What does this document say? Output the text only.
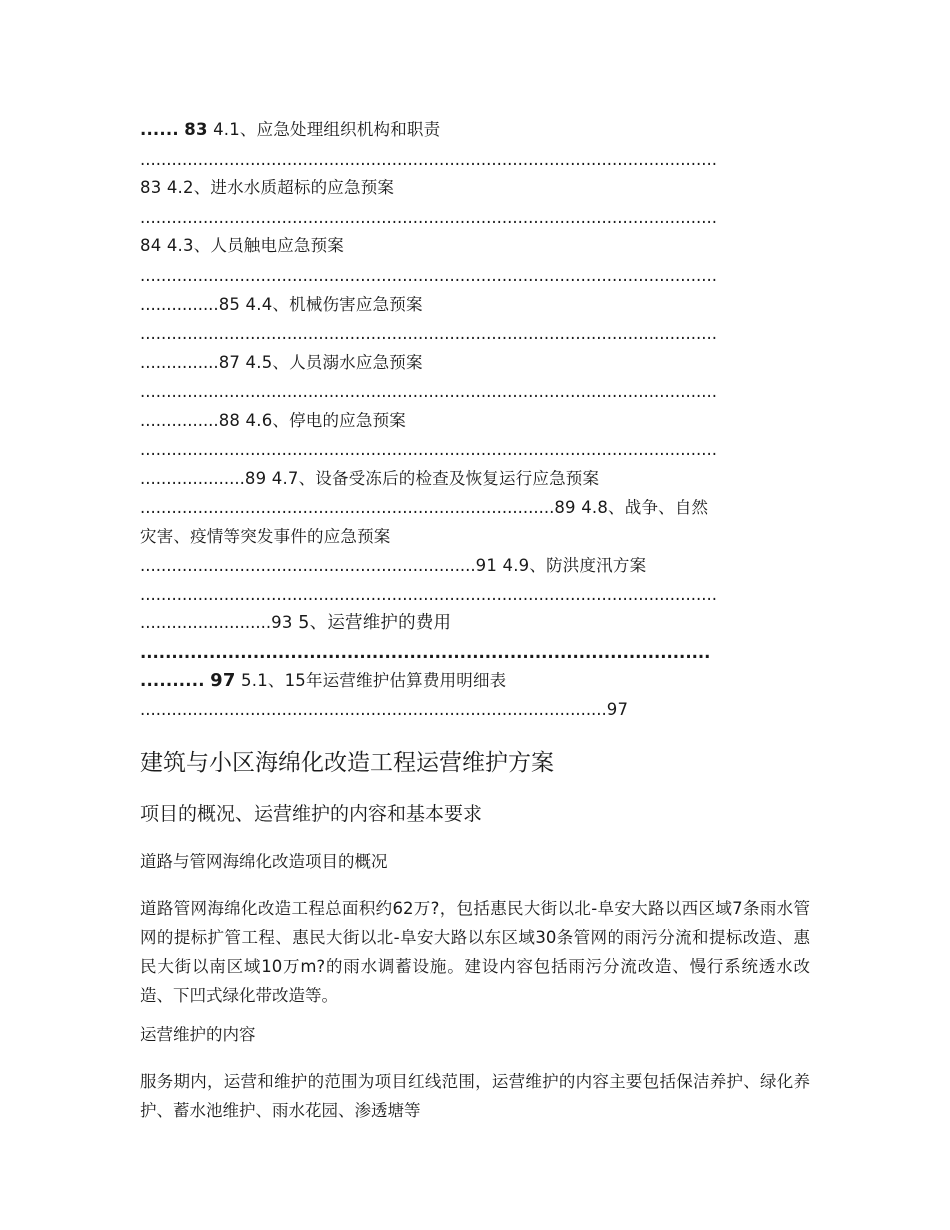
...... 83 4.1、应急处理组织机构和职责
..............................................................................................................
83 4.2、进水水质超标的应急预案
..............................................................................................................
84 4.3、人员触电应急预案
..............................................................................................................
...............85 4.4、机械伤害应急预案
..............................................................................................................
...............87 4.5、人员溺水应急预案
..............................................................................................................
...............88 4.6、停电的应急预案
..............................................................................................................
....................89 4.7、设备受冻后的检查及恢复运行应急预案
...............................................................................89 4.8、战争、自然
灾害、疫情等突发事件的应急预案
................................................................91 4.9、防洪度汛方案
..............................................................................................................
.........................93 5、运营维护的费用
...........................................................................................
.......... 97 5.1、15年运营维护估算费用明细表
.........................................................................................97
建筑与小区海绵化改造工程运营维护方案
项目的概况、运营维护的内容和基本要求
道路与管网海绵化改造项目的概况
道路管网海绵化改造工程总面积约62万?，包括惠民大街以北-阜安大路以西区域7条雨水管网的提标扩管工程、惠民大街以北-阜安大路以东区域30条管网的雨污分流和提标改造、惠民大街以南区域10万m?的雨水调蓄设施。建设内容包括雨污分流改造、慢行系统透水改造、下凹式绿化带改造等。
运营维护的内容
服务期内，运营和维护的范围为项目红线范围，运营维护的内容主要包括保洁养护、绿化养护、蓄水池维护、雨水花园、渗透塘等
